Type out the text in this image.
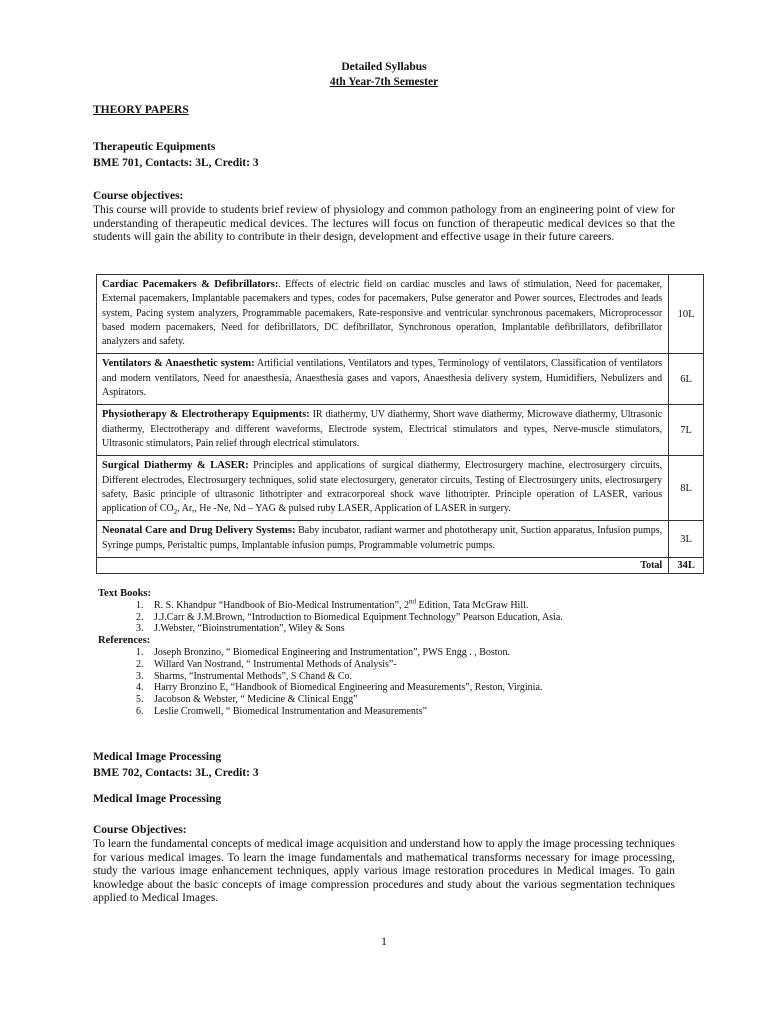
Detailed Syllabus
4th Year-7th Semester
THEORY PAPERS
Therapeutic Equipments
BME 701, Contacts: 3L, Credit: 3
Course objectives:
This course will provide to students brief review of physiology and common pathology from an engineering point of view for understanding of therapeutic medical devices. The lectures will focus on function of therapeutic medical devices so that the students will gain the ability to contribute in their design, development and effective usage in their future careers.
Cardiac Pacemakers & Defibrillators:. Effects of electric field on cardiac muscles and laws of stimulation, Need for pacemaker, External pacemakers, Implantable pacemakers and types, codes for pacemakers, Pulse generator and Power sources, Electrodes and leads system, Pacing system analyzers, Programmable pacemakers, Rate-responsive and ventricular synchronous pacemakers, Microprocessor based modern pacemakers, Need for defibrillators, DC defibrillator, Synchronous operation, Implantable defibrillators, defibrillator analyzers and safety.	10L
Ventilators & Anaesthetic system: Artificial ventilations, Ventilators and types, Terminology of ventilators, Classification of ventilators and modern ventilators, Need for anaesthesia, Anaesthesia gases and vapors, Anaesthesia delivery system, Humidifiers, Nebulizers and Aspirators.	6L
Physiotherapy & Electrotherapy Equipments: IR diathermy, UV diathermy, Short wave diathermy, Microwave diathermy, Ultrasonic diathermy, Electrotherapy and different waveforms, Electrode system, Electrical stimulators and types, Nerve-muscle stimulators, Ultrasonic stimulators, Pain relief through electrical stimulators.	7L
Surgical Diathermy & LASER: Principles and applications of surgical diathermy, Electrosurgery machine, electrosurgery circuits, Different electrodes, Electrosurgery techniques, solid state electosurgery, generator circuits, Testing of Electrosurgery units, electrosurgery safety, Basic principle of ultrasonic lithotripter and extracorporeal shock wave lithotripter. Principle operation of LASER, various application of $CO_2$, Ar,, He -Ne, Nd – YAG & pulsed ruby LASER, Application of LASER in surgery.	8L
Neonatal Care and Drug Delivery Systems: Baby incubator, radiant warmer and phototherapy unit, Suction apparatus, Infusion pumps, Syringe pumps, Peristaltic pumps, Implantable infusion pumps, Programmable volumetric pumps.	3L
Total	34L
Text Books:
1. R. S. Khandpur “Handbook of Bio-Medical Instrumentation”, 2nd Edition, Tata McGraw Hill.
2. J.J.Carr & J.M.Brown, “Introduction to Biomedical Equipment Technology” Pearson Education, Asia.
3. J.Webster, “Bioinstrumentation”, Wiley & Sons
References:
1. Joseph Bronzino, “ Biomedical Engineering and Instrumentation”, PWS Engg . , Boston.
2. Willard Van Nostrand, “ Instrumental Methods of Analysis”-
3. Sharms, “Instrumental Methods”, S Chand & Co.
4. Harry Bronzino E, “Handbook of Biomedical Engineering and Measurements”, Reston, Virginia.
5. Jacobson & Webster, “ Medicine & Clinical Engg”
6. Leslie Cromwell, “ Biomedical Instrumentation and Measurements”
Medical Image Processing
BME 702, Contacts: 3L, Credit: 3
Medical Image Processing
Course Objectives:
To learn the fundamental concepts of medical image acquisition and understand how to apply the image processing techniques for various medical images. To learn the image fundamentals and mathematical transforms necessary for image processing, study the various image enhancement techniques, apply various image restoration procedures in Medical images. To gain knowledge about the basic concepts of image compression procedures and study about the various segmentation techniques applied to Medical Images.
1
